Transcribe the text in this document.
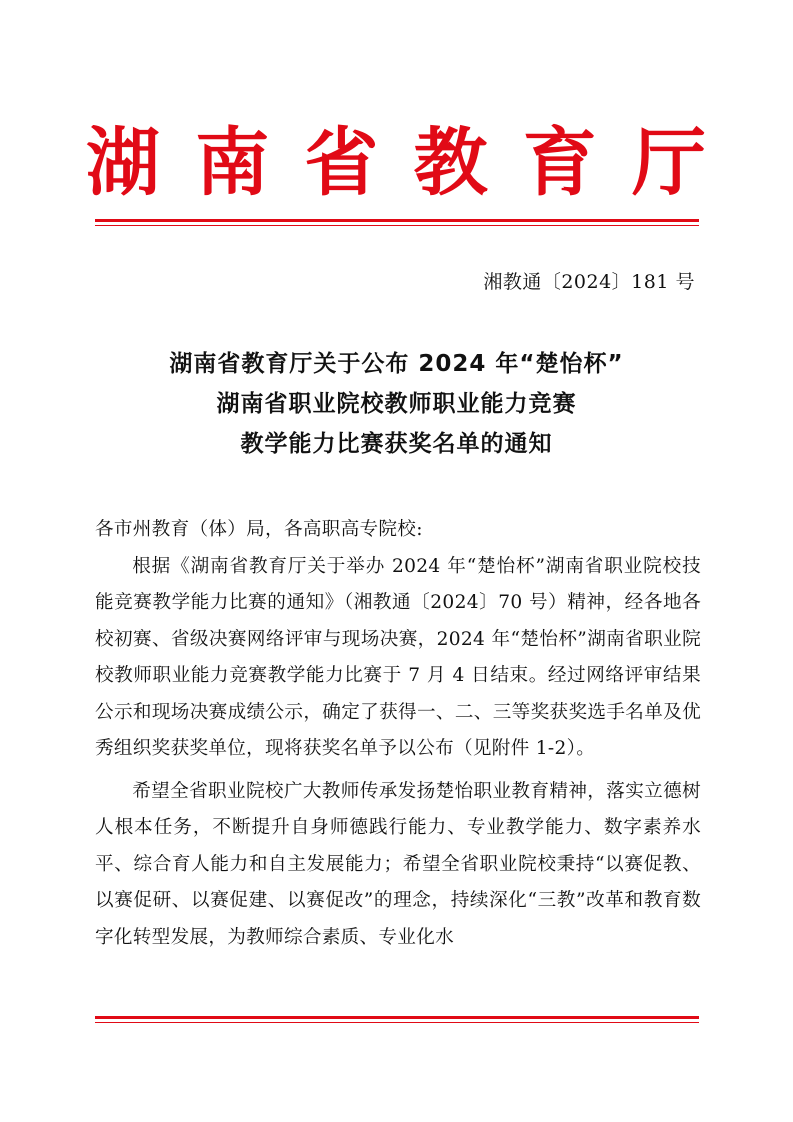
湖 南 省 教 育 厅
湘教通〔2024〕181 号
湖南省教育厅关于公布 2024 年“楚怡杯”
湖南省职业院校教师职业能力竞赛
教学能力比赛获奖名单的通知

各市州教育（体）局，各高职高专院校:

根据《湖南省教育厅关于举办 2024 年“楚怡杯”湖南省职业院校技能竞赛教学能力比赛的通知》（湘教通〔2024〕70 号）精神，经各地各校初赛、省级决赛网络评审与现场决赛，2024 年“楚怡杯”湖南省职业院校教师职业能力竞赛教学能力比赛于 7 月 4 日结束。经过网络评审结果公示和现场决赛成绩公示，确定了获得一、二、三等奖获奖选手名单及优秀组织奖获奖单位，现将获奖名单予以公布（见附件 1-2）。

希望全省职业院校广大教师传承发扬楚怡职业教育精神，落实立德树人根本任务，不断提升自身师德践行能力、专业教学能力、数字素养水平、综合育人能力和自主发展能力；希望全省职业院校秉持“以赛促教、以赛促研、以赛促建、以赛促改”的理念，持续深化“三教”改革和教育数字化转型发展，为教师综合素质、专业化水
